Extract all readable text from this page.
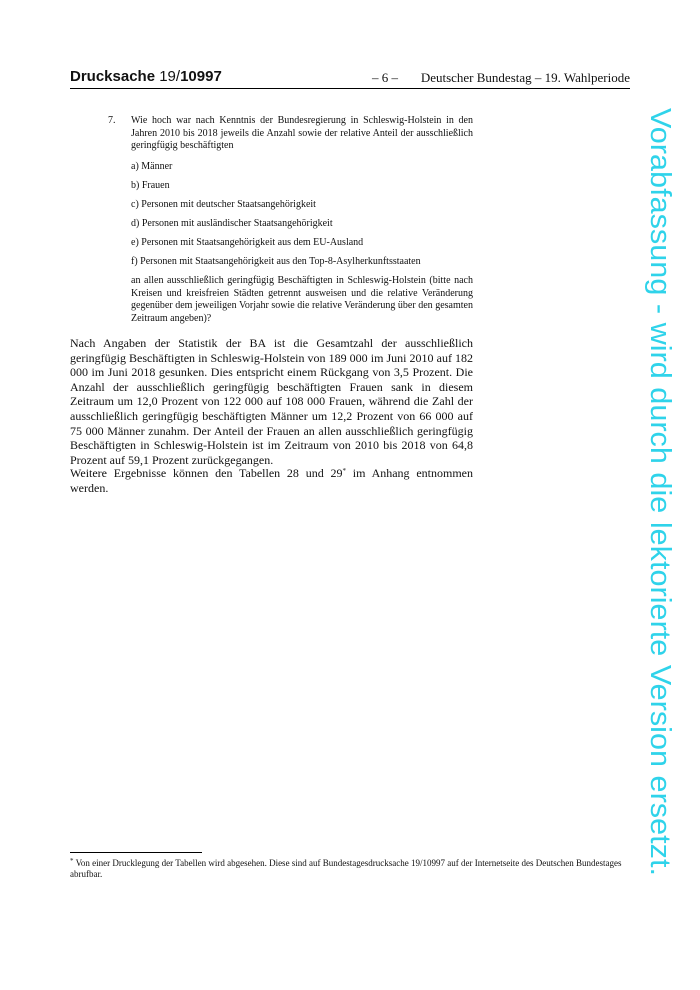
Drucksache 19/10997	– 6 –	Deutscher Bundestag – 19. Wahlperiode
7. Wie hoch war nach Kenntnis der Bundesregierung in Schleswig-Holstein in den Jahren 2010 bis 2018 jeweils die Anzahl sowie der relative Anteil der ausschließlich geringfügig beschäftigten
a) Männer
b) Frauen
c) Personen mit deutscher Staatsangehörigkeit
d) Personen mit ausländischer Staatsangehörigkeit
e) Personen mit Staatsangehörigkeit aus dem EU-Ausland
f) Personen mit Staatsangehörigkeit aus den Top-8-Asylherkunftsstaaten
an allen ausschließlich geringfügig Beschäftigten in Schleswig-Holstein (bitte nach Kreisen und kreisfreien Städten getrennt ausweisen und die relative Veränderung gegenüber dem jeweiligen Vorjahr sowie die relative Veränderung über den gesamten Zeitraum angeben)?
Nach Angaben der Statistik der BA ist die Gesamtzahl der ausschließlich geringfügig Beschäftigten in Schleswig-Holstein von 189 000 im Juni 2010 auf 182 000 im Juni 2018 gesunken. Dies entspricht einem Rückgang von 3,5 Prozent. Die Anzahl der ausschließlich geringfügig beschäftigten Frauen sank in diesem Zeitraum um 12,0 Prozent von 122 000 auf 108 000 Frauen, während die Zahl der ausschließlich geringfügig beschäftigten Männer um 12,2 Prozent von 66 000 auf 75 000 Männer zunahm. Der Anteil der Frauen an allen ausschließlich geringfügig Beschäftigten in Schleswig-Holstein ist im Zeitraum von 2010 bis 2018 von 64,8 Prozent auf 59,1 Prozent zurückgegangen.
Weitere Ergebnisse können den Tabellen 28 und 29* im Anhang entnommen werden.
* Von einer Drucklegung der Tabellen wird abgesehen. Diese sind auf Bundestagesdrucksache 19/10997 auf der Internetseite des Deutschen Bundestages abrufbar.
Vorabfassung - wird durch die lektorierte Version ersetzt.
